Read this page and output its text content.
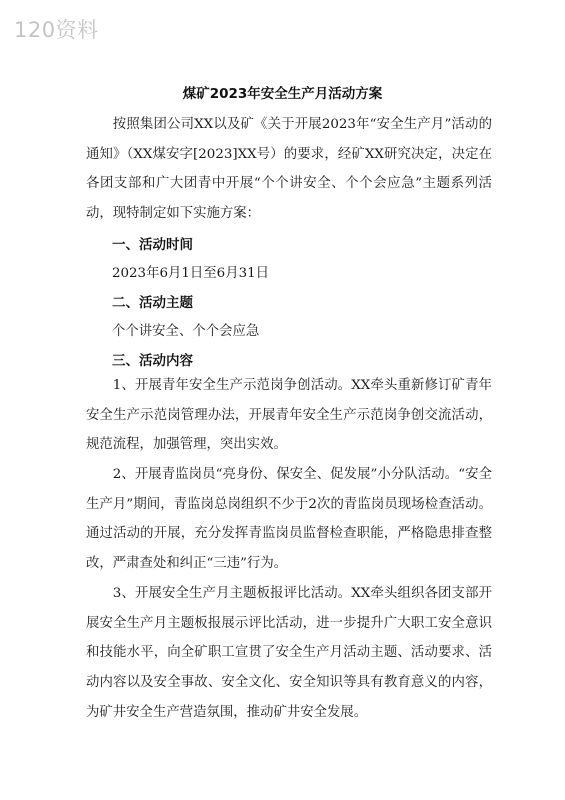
120资料
煤矿2023年安全生产月活动方案

按照集团公司XX以及矿《关于开展2023年“安全生产月”活动的通知》（XX煤安字[2023]XX号）的要求，经矿XX研究决定，决定在各团支部和广大团青中开展“个个讲安全、个个会应急”主题系列活动，现特制定如下实施方案：

一、活动时间

2023年6月1日至6月31日

二、活动主题

个个讲安全、个个会应急

三、活动内容

1、开展青年安全生产示范岗争创活动。XX牵头重新修订矿青年安全生产示范岗管理办法，开展青年安全生产示范岗争创交流活动，规范流程，加强管理，突出实效。

2、开展青监岗员“亮身份、保安全、促发展”小分队活动。“安全生产月”期间，青监岗总岗组织不少于2次的青监岗员现场检查活动。通过活动的开展，充分发挥青监岗员监督检查职能，严格隐患排查整改，严肃查处和纠正“三违”行为。

3、开展安全生产月主题板报评比活动。XX牵头组织各团支部开展安全生产月主题板报展示评比活动，进一步提升广大职工安全意识和技能水平，向全矿职工宣贯了安全生产月活动主题、活动要求、活动内容以及安全事故、安全文化、安全知识等具有教育意义的内容，为矿井安全生产营造氛围，推动矿井安全发展。
